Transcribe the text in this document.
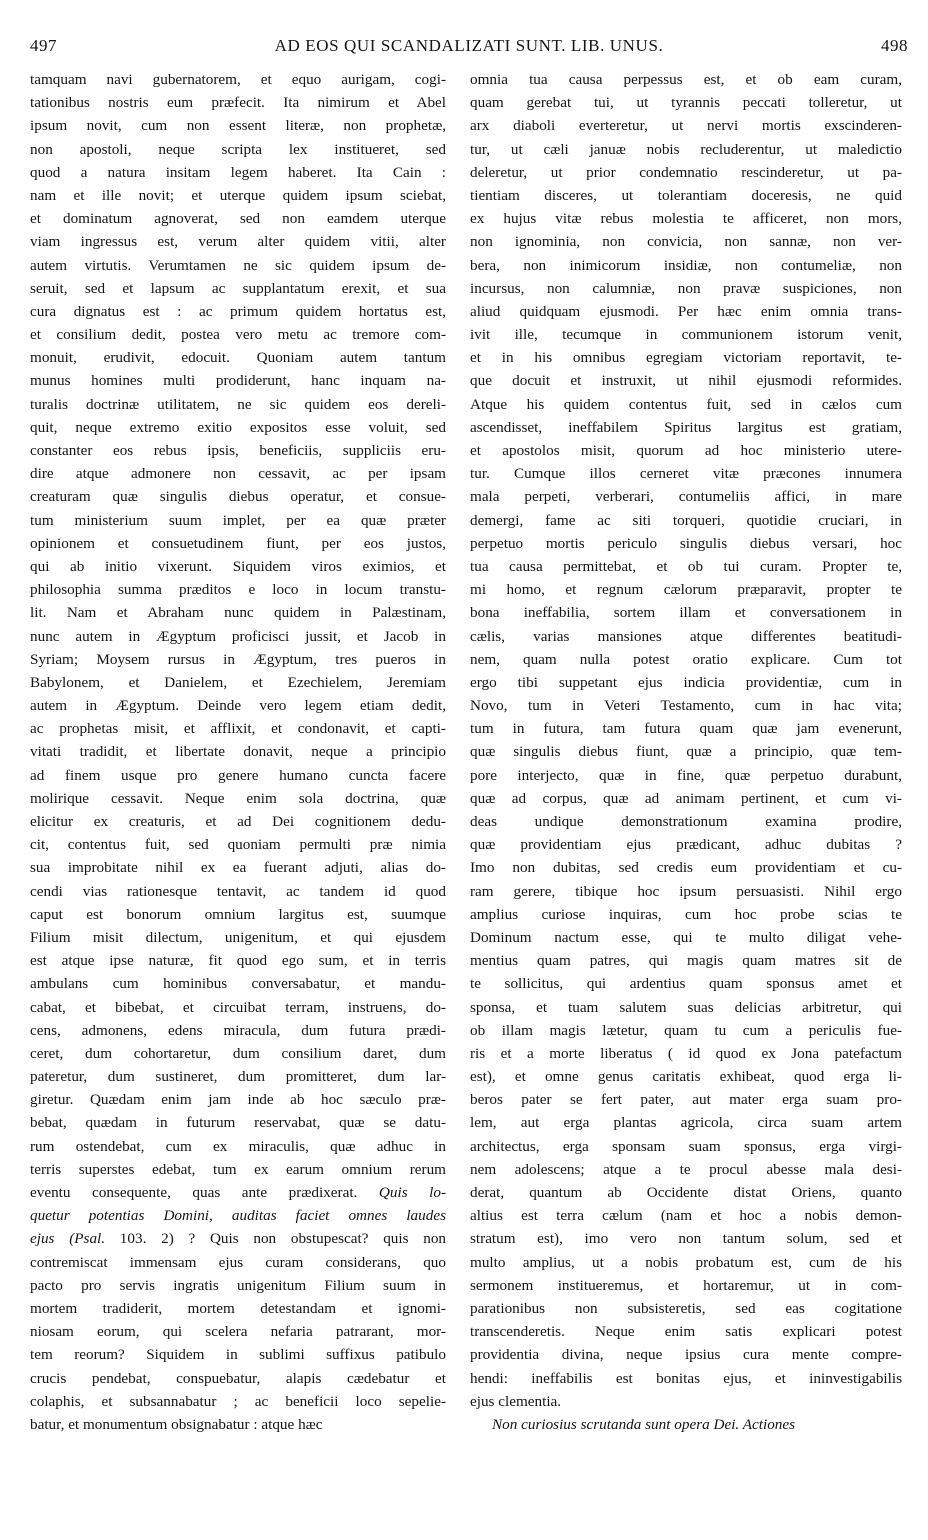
497	AD EOS QUI SCANDALIZATI SUNT. LIB. UNUS.	498
tamquam navi gubernatorem, et equo aurigam, cogi-
tationibus nostris eum præfecit. Ita nimirum et Abel
ipsum novit, cum non essent literæ, non prophetæ,
non apostoli, neque scripta lex institueret, sed
quod a natura insitam legem haberet. Ita Cain :
nam et ille novit; et uterque quidem ipsum sciebat,
et dominatum agnoverat, sed non eamdem uterque
viam ingressus est, verum alter quidem vitii, alter
autem virtutis. Verumtamen ne sic quidem ipsum de-
seruit, sed et lapsum ac supplantatum erexit, et sua
cura dignatus est : ac primum quidem hortatus est,
et consilium dedit, postea vero metu ac tremore com-
monuit, erudivit, edocuit. Quoniam autem tantum
munus homines multi prodiderunt, hanc inquam na-
turalis doctrinæ utilitatem, ne sic quidem eos dereli-
quit, neque extremo exitio expositos esse voluit, sed
constanter eos rebus ipsis, beneficiis, suppliciis eru-
dire atque admonere non cessavit, ac per ipsam
creaturam quæ singulis diebus operatur, et consue-
tum ministerium suum implet, per ea quæ præter
opinionem et consuetudinem fiunt, per eos justos,
qui ab initio vixerunt. Siquidem viros eximios, et
philosophia summa præditos e loco in locum transtu-
lit. Nam et Abraham nunc quidem in Palæstinam,
nunc autem in Ægyptum proficisci jussit, et Jacob in
Syriam; Moysem rursus in Ægyptum, tres pueros in
Babylonem, et Danielem, et Ezechielem, Jeremiam
autem in Ægyptum. Deinde vero legem etiam dedit,
ac prophetas misit, et afflixit, et condonavit, et capti-
vitati tradidit, et libertate donavit, neque a principio
ad finem usque pro genere humano cuncta facere
molirique cessavit. Neque enim sola doctrina, quæ
elicitur ex creaturis, et ad Dei cognitionem dedu-
cit, contentus fuit, sed quoniam permulti præ nimia
sua improbitate nihil ex ea fuerant adjuti, alias do-
cendi vias rationesque tentavit, ac tandem id quod
caput est bonorum omnium largitus est, suumque
Filium misit dilectum, unigenitum, et qui ejusdem
est atque ipse naturæ, fit quod ego sum, et in terris
ambulans cum hominibus conversabatur, et mandu-
cabat, et bibebat, et circuibat terram, instruens, do-
cens, admonens, edens miracula, dum futura prædi-
ceret, dum cohortaretur, dum consilium daret, dum
pateretur, dum sustineret, dum promitteret, dum lar-
giretur. Quædam enim jam inde ab hoc sæculo præ-
bebat, quædam in futurum reservabat, quæ se datu-
rum ostendebat, cum ex miraculis, quæ adhuc in
terris superstes edebat, tum ex earum omnium rerum
eventu consequente, quas ante prædixerat. Quis lo-
quetur potentias Domini, auditas faciet omnes laudes
ejus (Psal. 103. 2) ? Quis non obstupescat? quis non
contremiscat immensam ejus curam considerans, quo
pacto pro servis ingratis unigenitum Filium suum in
mortem tradiderit, mortem detestandam et ignomi-
niosam eorum, qui scelera nefaria patrarant, mor-
tem reorum? Siquidem in sublimi suffixus patibulo
crucis pendebat, conspuebatur, alapis cædebatur et
colaphis, et subsannabatur ; ac beneficii loco sepelie-
batur, et monumentum obsignabatur : atque hæc
omnia tua causa perpessus est, et ob eam curam,
quam gerebat tui, ut tyrannis peccati tolleretur, ut
arx diaboli everteretur, ut nervi mortis exscinderen-
tur, ut cæli januæ nobis recluderentur, ut maledictio
deleretur, ut prior condemnatio rescinderetur, ut pa-
tientiam disceres, ut tolerantiam doceresis, ne quid
ex hujus vitæ rebus molestia te afficeret, non mors,
non ignominia, non convicia, non sannæ, non ver-
bera, non inimicorum insidiæ, non contumeliæ, non
incursus, non calumniæ, non pravæ suspiciones, non
aliud quidquam ejusmodi. Per hæc enim omnia trans-
ivit ille, tecumque in communionem istorum venit,
et in his omnibus egregiam victoriam reportavit, te-
que docuit et instruxit, ut nihil ejusmodi reformides.
Atque his quidem contentus fuit, sed in cælos cum
ascendisset, ineffabilem Spiritus largitus est gratiam,
et apostolos misit, quorum ad hoc ministerio utere-
tur. Cumque illos cerneret vitæ præcones innumera
mala perpeti, verberari, contumeliis affici, in mare
demergi, fame ac siti torqueri, quotidie cruciari, in
perpetuo mortis periculo singulis diebus versari, hoc
tua causa permittebat, et ob tui curam. Propter te,
mi homo, et regnum cælorum præparavit, propter te
bona ineffabilia, sortem illam et conversationem in
cælis, varias mansiones atque differentes beatitudi-
nem, quam nulla potest oratio explicare. Cum tot
ergo tibi suppetant ejus indicia providentiæ, cum in
Novo, tum in Veteri Testamento, cum in hac vita;
tum in futura, tam futura quam quæ jam evenerunt,
quæ singulis diebus fiunt, quæ a principio, quæ tem-
pore interjecto, quæ in fine, quæ perpetuo durabunt,
quæ ad corpus, quæ ad animam pertinent, et cum vi-
deas undique demonstrationum examina prodire,
quæ providentiam ejus prædicant, adhuc dubitas ?
Imo non dubitas, sed credis eum providentiam et cu-
ram gerere, tibique hoc ipsum persuasisti. Nihil ergo
amplius curiose inquiras, cum hoc probe scias te
Dominum nactum esse, qui te multo diligat vehe-
mentius quam patres, qui magis quam matres sit de
te sollicitus, qui ardentius quam sponsus amet et
sponsa, et tuam salutem suas delicias arbitretur, qui
ob illam magis lætetur, quam tu cum a periculis fue-
ris et a morte liberatus ( id quod ex Jona patefactum
est), et omne genus caritatis exhibeat, quod erga li-
beros pater se fert pater, aut mater erga suam pro-
lem, aut erga plantas agricola, circa suam artem
architectus, erga sponsam suam sponsus, erga virgi-
nem adolescens; atque a te procul abesse mala desi-
derat, quantum ab Occidente distat Oriens, quanto
altius est terra cælum (nam et hoc a nobis demon-
stratum est), imo vero non tantum solum, sed et
multo amplius, ut a nobis probatum est, cum de his
sermonem institueremus, et hortaremur, ut in com-
parationibus non subsisteretis, sed eas cogitatione
transcenderetis. Neque enim satis explicari potest
providentia divina, neque ipsius cura mente compre-
hendi: ineffabilis est bonitas ejus, et ininvestigabilis
ejus clementia.
Non curiosius scrutanda sunt opera Dei. Actiones
